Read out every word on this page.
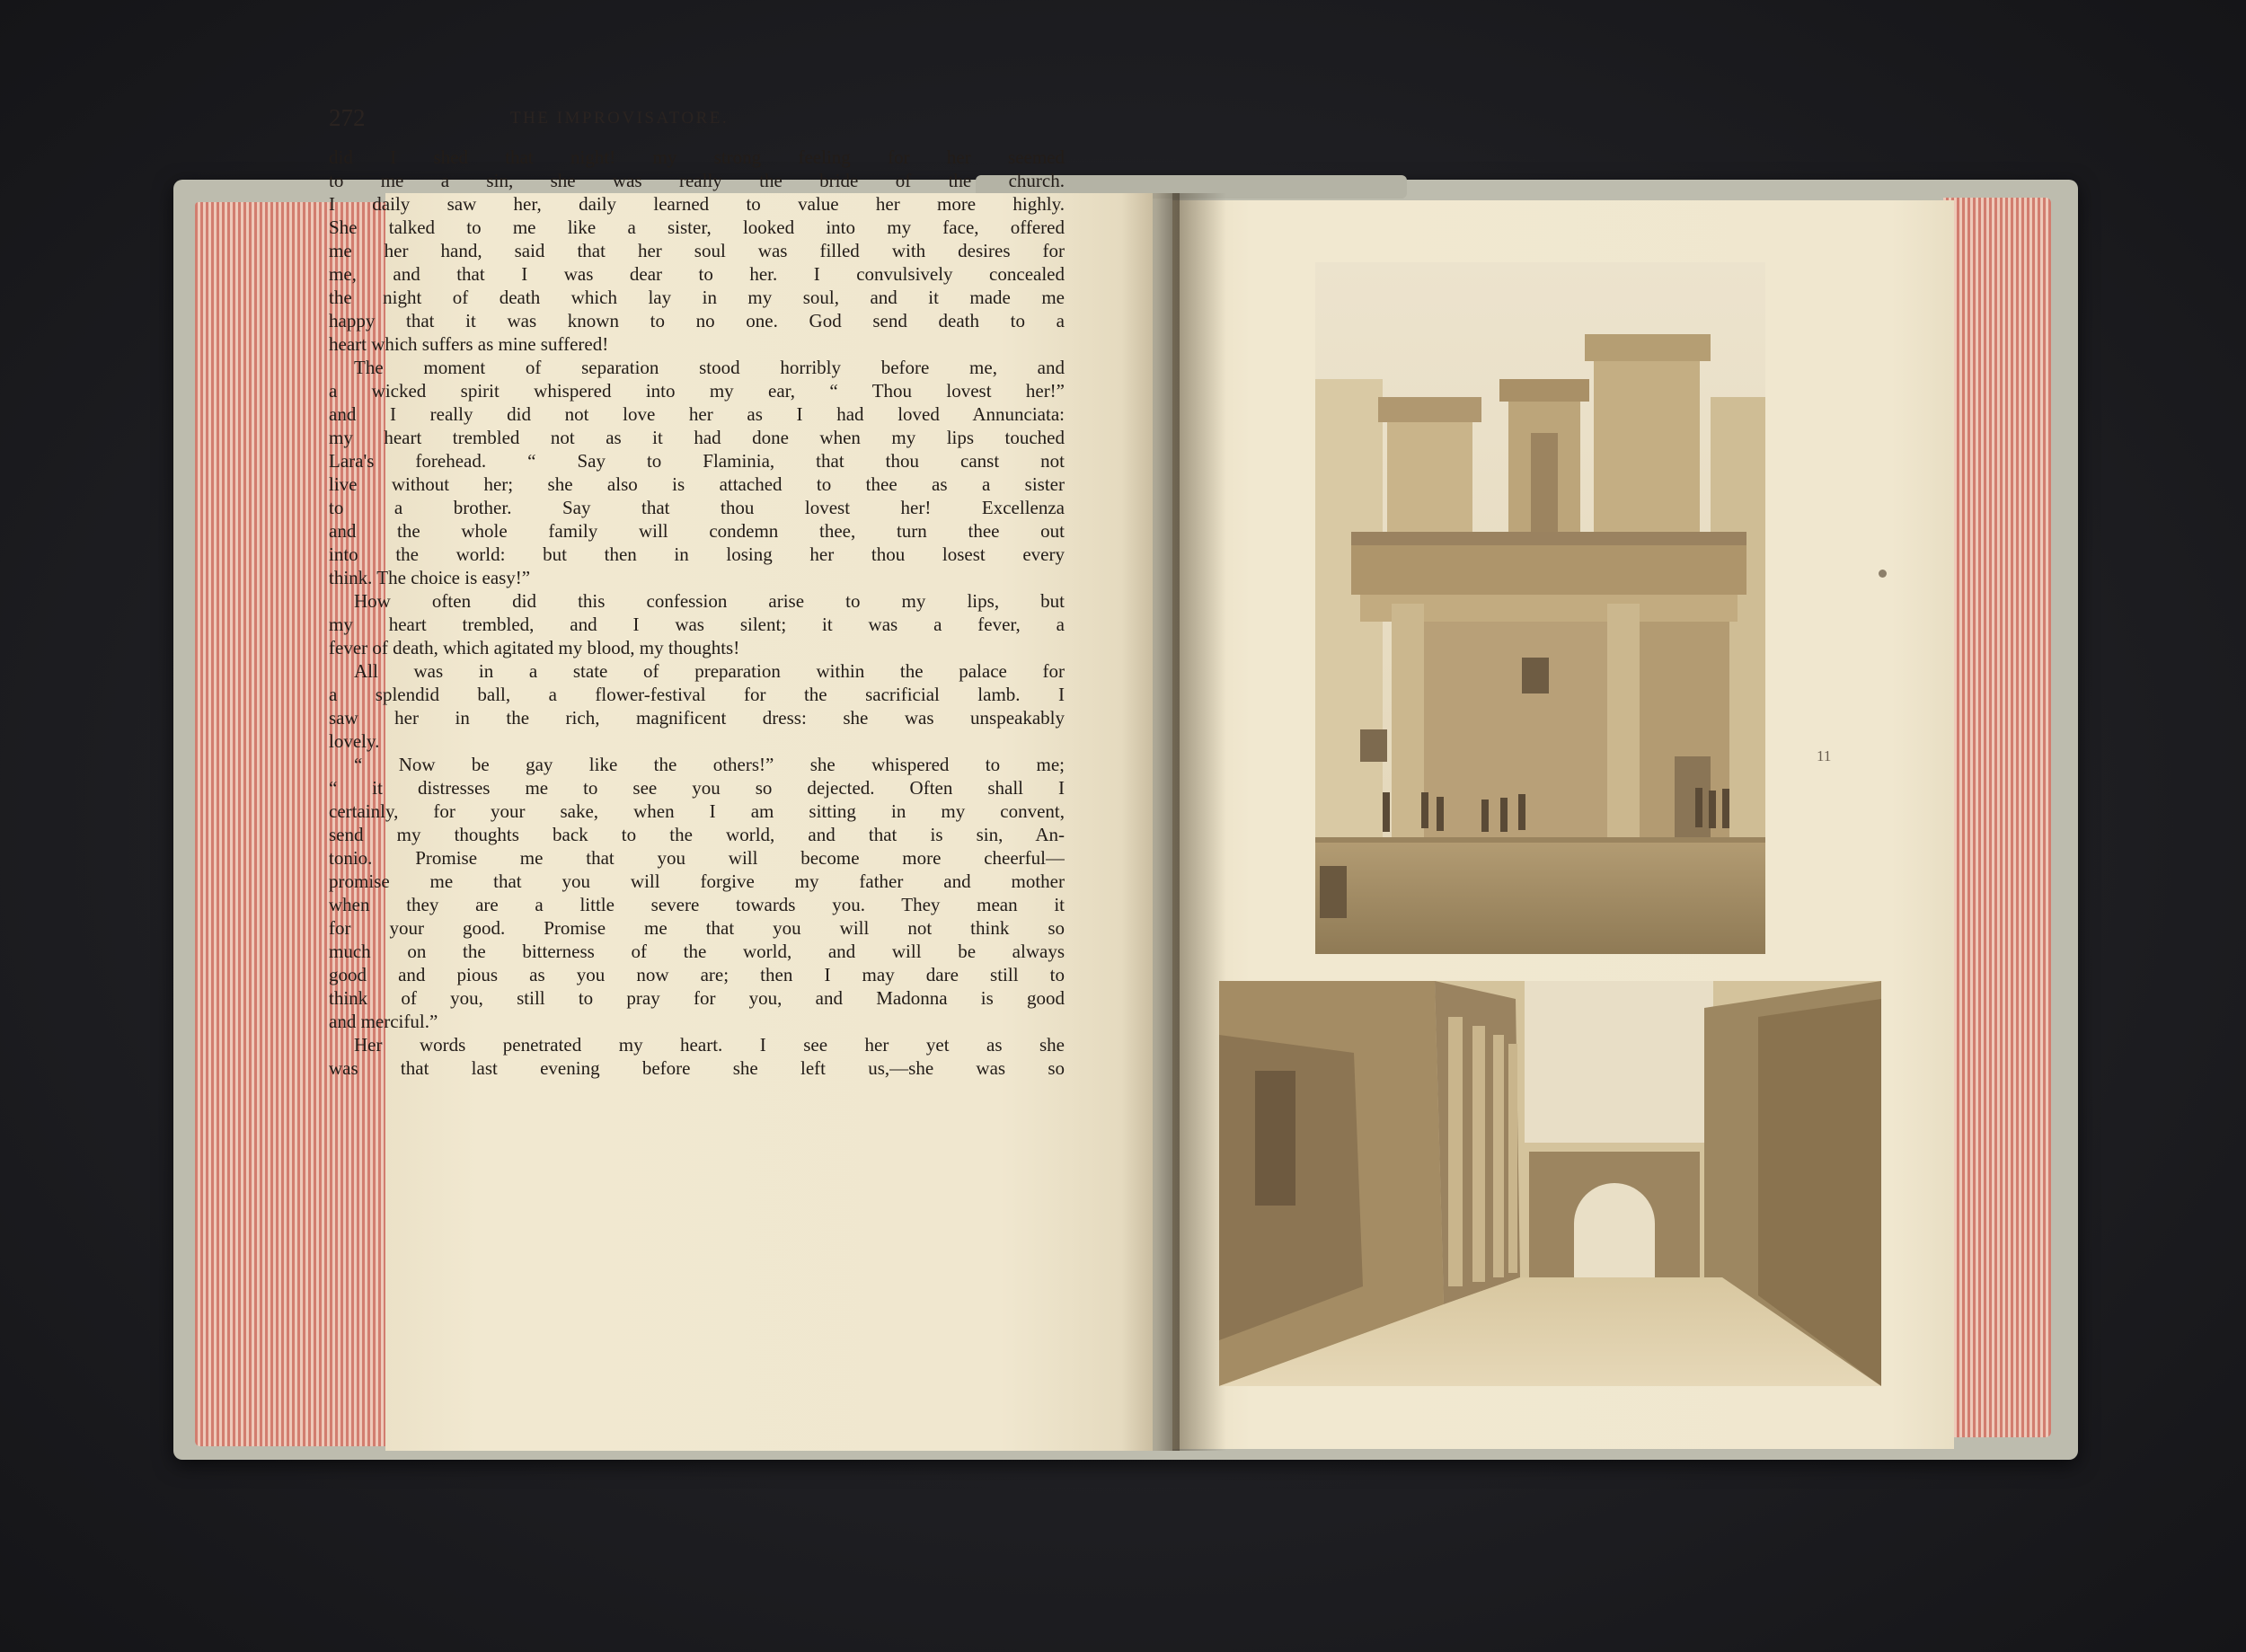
272	THE IMPROVISATORE.
did I shed that night! my strong feeling for her seemed
to me a sin, she was really the bride of the church.
I daily saw her, daily learned to value her more highly.
She talked to me like a sister, looked into my face, offered
me her hand, said that her soul was filled with desires for
me, and that I was dear to her. I convulsively concealed
the night of death which lay in my soul, and it made me
happy that it was known to no one. God send death to a
heart which suffers as mine suffered!
The moment of separation stood horribly before me, and
a wicked spirit whispered into my ear, “ Thou lovest her!”
and I really did not love her as I had loved Annunciata:
my heart trembled not as it had done when my lips touched
Lara's forehead. “ Say to Flaminia, that thou canst not
live without her; she also is attached to thee as a sister
to a brother. Say that thou lovest her! Excellenza
and the whole family will condemn thee, turn thee out
into the world: but then in losing her thou losest every
think. The choice is easy!”
How often did this confession arise to my lips, but
my heart trembled, and I was silent; it was a fever, a
fever of death, which agitated my blood, my thoughts!
All was in a state of preparation within the palace for
a splendid ball, a flower-festival for the sacrificial lamb. I
saw her in the rich, magnificent dress: she was unspeakably
lovely.
“ Now be gay like the others!” she whispered to me;
“ it distresses me to see you so dejected. Often shall I
certainly, for your sake, when I am sitting in my convent,
send my thoughts back to the world, and that is sin, An-
tonio. Promise me that you will become more cheerful—
promise me that you will forgive my father and mother
when they are a little severe towards you. They mean it
for your good. Promise me that you will not think so
much on the bitterness of the world, and will be always
good and pious as you now are; then I may dare still to
think of you, still to pray for you, and Madonna is good
and merciful.”
Her words penetrated my heart. I see her yet as she
was that last evening before she left us,—she was so
11
